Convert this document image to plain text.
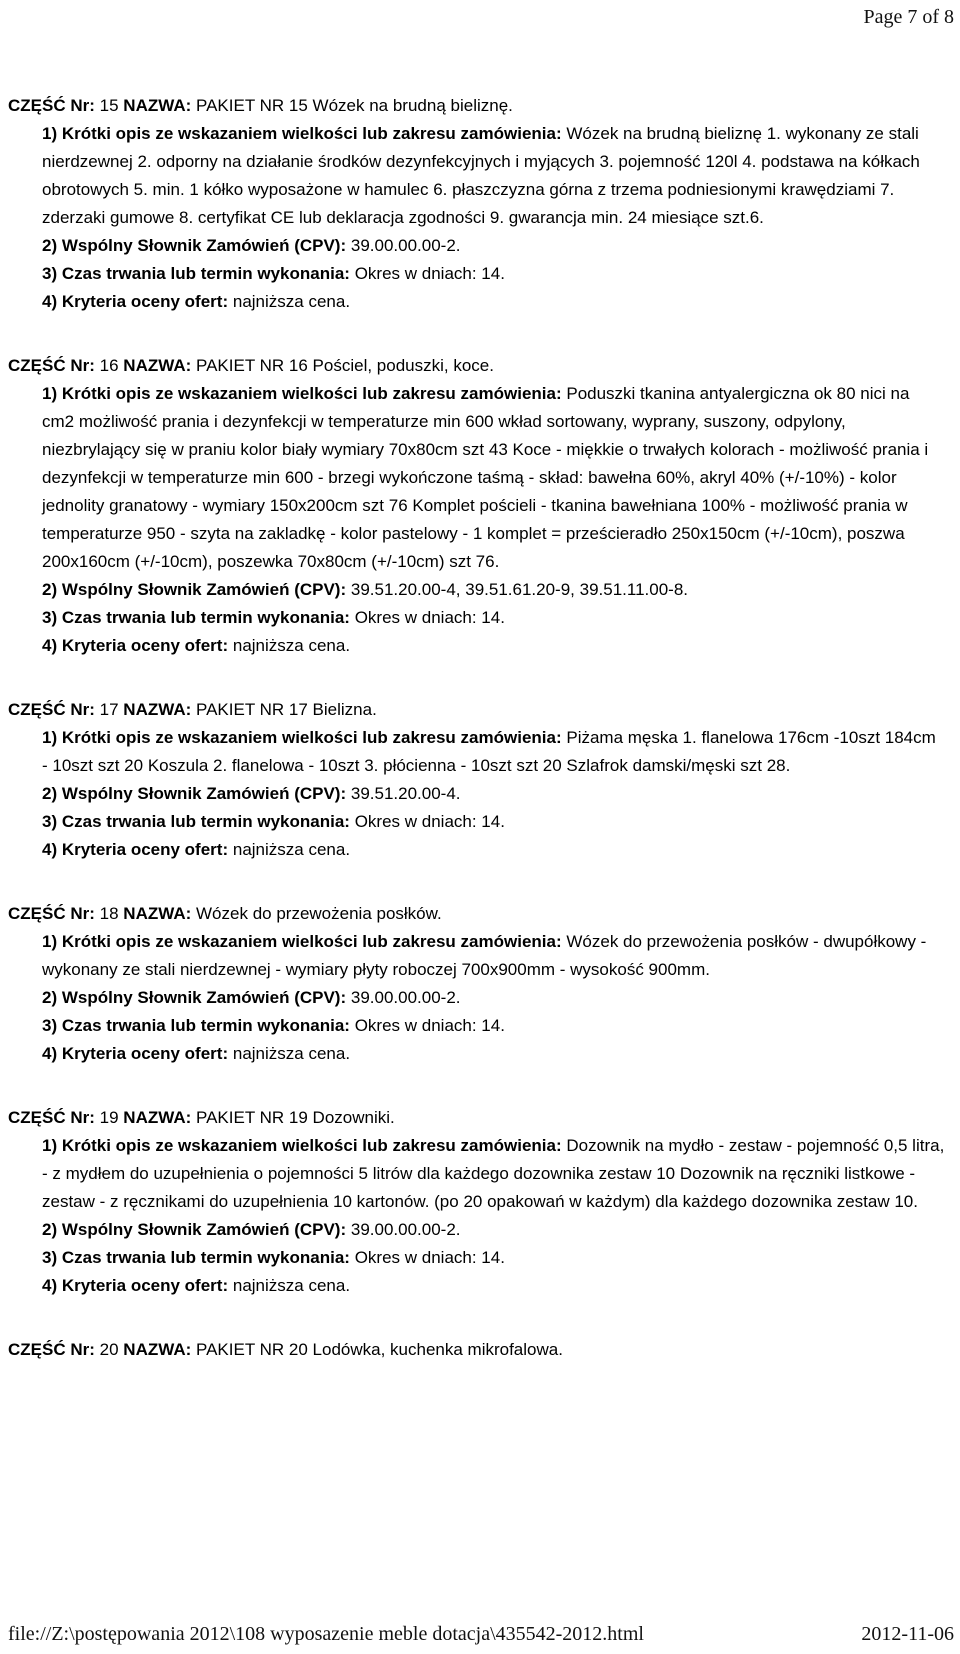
Page 7 of 8
CZĘŚĆ Nr: 15 NAZWA: PAKIET NR 15 Wózek na brudną bieliznę.
1) Krótki opis ze wskazaniem wielkości lub zakresu zamówienia: Wózek na brudną bieliznę 1. wykonany ze stali nierdzewnej 2. odporny na działanie środków dezynfekcyjnych i myjących 3. pojemność 120l 4. podstawa na kółkach obrotowych 5. min. 1 kółko wyposażone w hamulec 6. płaszczyzna górna z trzema podniesionymi krawędziami 7. zderzaki gumowe 8. certyfikat CE lub deklaracja zgodności 9. gwarancja min. 24 miesiące szt.6.
2) Wspólny Słownik Zamówień (CPV): 39.00.00.00-2.
3) Czas trwania lub termin wykonania: Okres w dniach: 14.
4) Kryteria oceny ofert: najniższa cena.
CZĘŚĆ Nr: 16 NAZWA: PAKIET NR 16 Pościel, poduszki, koce.
1) Krótki opis ze wskazaniem wielkości lub zakresu zamówienia: Poduszki tkanina antyalergiczna ok 80 nici na cm2 możliwość prania i dezynfekcji w temperaturze min 600 wkład sortowany, wyprany, suszony, odpylony, niezbrylający się w praniu kolor biały wymiary 70x80cm szt 43 Koce - miękkie o trwałych kolorach - możliwość prania i dezynfekcji w temperaturze min 600 - brzegi wykończone taśmą - skład: bawełna 60%, akryl 40% (+/-10%) - kolor jednolity granatowy - wymiary 150x200cm szt 76 Komplet pościeli - tkanina bawełniana 100% - możliwość prania w temperaturze 950 - szyta na zakladkę - kolor pastelowy - 1 komplet = prześcieradło 250x150cm (+/-10cm), poszwa 200x160cm (+/-10cm), poszewka 70x80cm (+/-10cm) szt 76.
2) Wspólny Słownik Zamówień (CPV): 39.51.20.00-4, 39.51.61.20-9, 39.51.11.00-8.
3) Czas trwania lub termin wykonania: Okres w dniach: 14.
4) Kryteria oceny ofert: najniższa cena.
CZĘŚĆ Nr: 17 NAZWA: PAKIET NR 17 Bielizna.
1) Krótki opis ze wskazaniem wielkości lub zakresu zamówienia: Piżama męska 1. flanelowa 176cm -10szt 184cm - 10szt szt 20 Koszula 2. flanelowa - 10szt 3. płócienna - 10szt szt 20 Szlafrok damski/męski szt 28.
2) Wspólny Słownik Zamówień (CPV): 39.51.20.00-4.
3) Czas trwania lub termin wykonania: Okres w dniach: 14.
4) Kryteria oceny ofert: najniższa cena.
CZĘŚĆ Nr: 18 NAZWA: Wózek do przewożenia posłków.
1) Krótki opis ze wskazaniem wielkości lub zakresu zamówienia: Wózek do przewożenia posłków - dwupółkowy - wykonany ze stali nierdzewnej - wymiary płyty roboczej 700x900mm - wysokość 900mm.
2) Wspólny Słownik Zamówień (CPV): 39.00.00.00-2.
3) Czas trwania lub termin wykonania: Okres w dniach: 14.
4) Kryteria oceny ofert: najniższa cena.
CZĘŚĆ Nr: 19 NAZWA: PAKIET NR 19 Dozowniki.
1) Krótki opis ze wskazaniem wielkości lub zakresu zamówienia: Dozownik na mydło - zestaw - pojemność 0,5 litra, - z mydłem do uzupełnienia o pojemności 5 litrów dla każdego dozownika zestaw 10 Dozownik na ręczniki listkowe - zestaw - z ręcznikami do uzupełnienia 10 kartonów. (po 20 opakowań w każdym) dla każdego dozownika zestaw 10.
2) Wspólny Słownik Zamówień (CPV): 39.00.00.00-2.
3) Czas trwania lub termin wykonania: Okres w dniach: 14.
4) Kryteria oceny ofert: najniższa cena.
CZĘŚĆ Nr: 20 NAZWA: PAKIET NR 20 Lodówka, kuchenka mikrofalowa.
file://Z:\postępowania 2012\108 wyposazenie meble dotacja\435542-2012.html	2012-11-06
